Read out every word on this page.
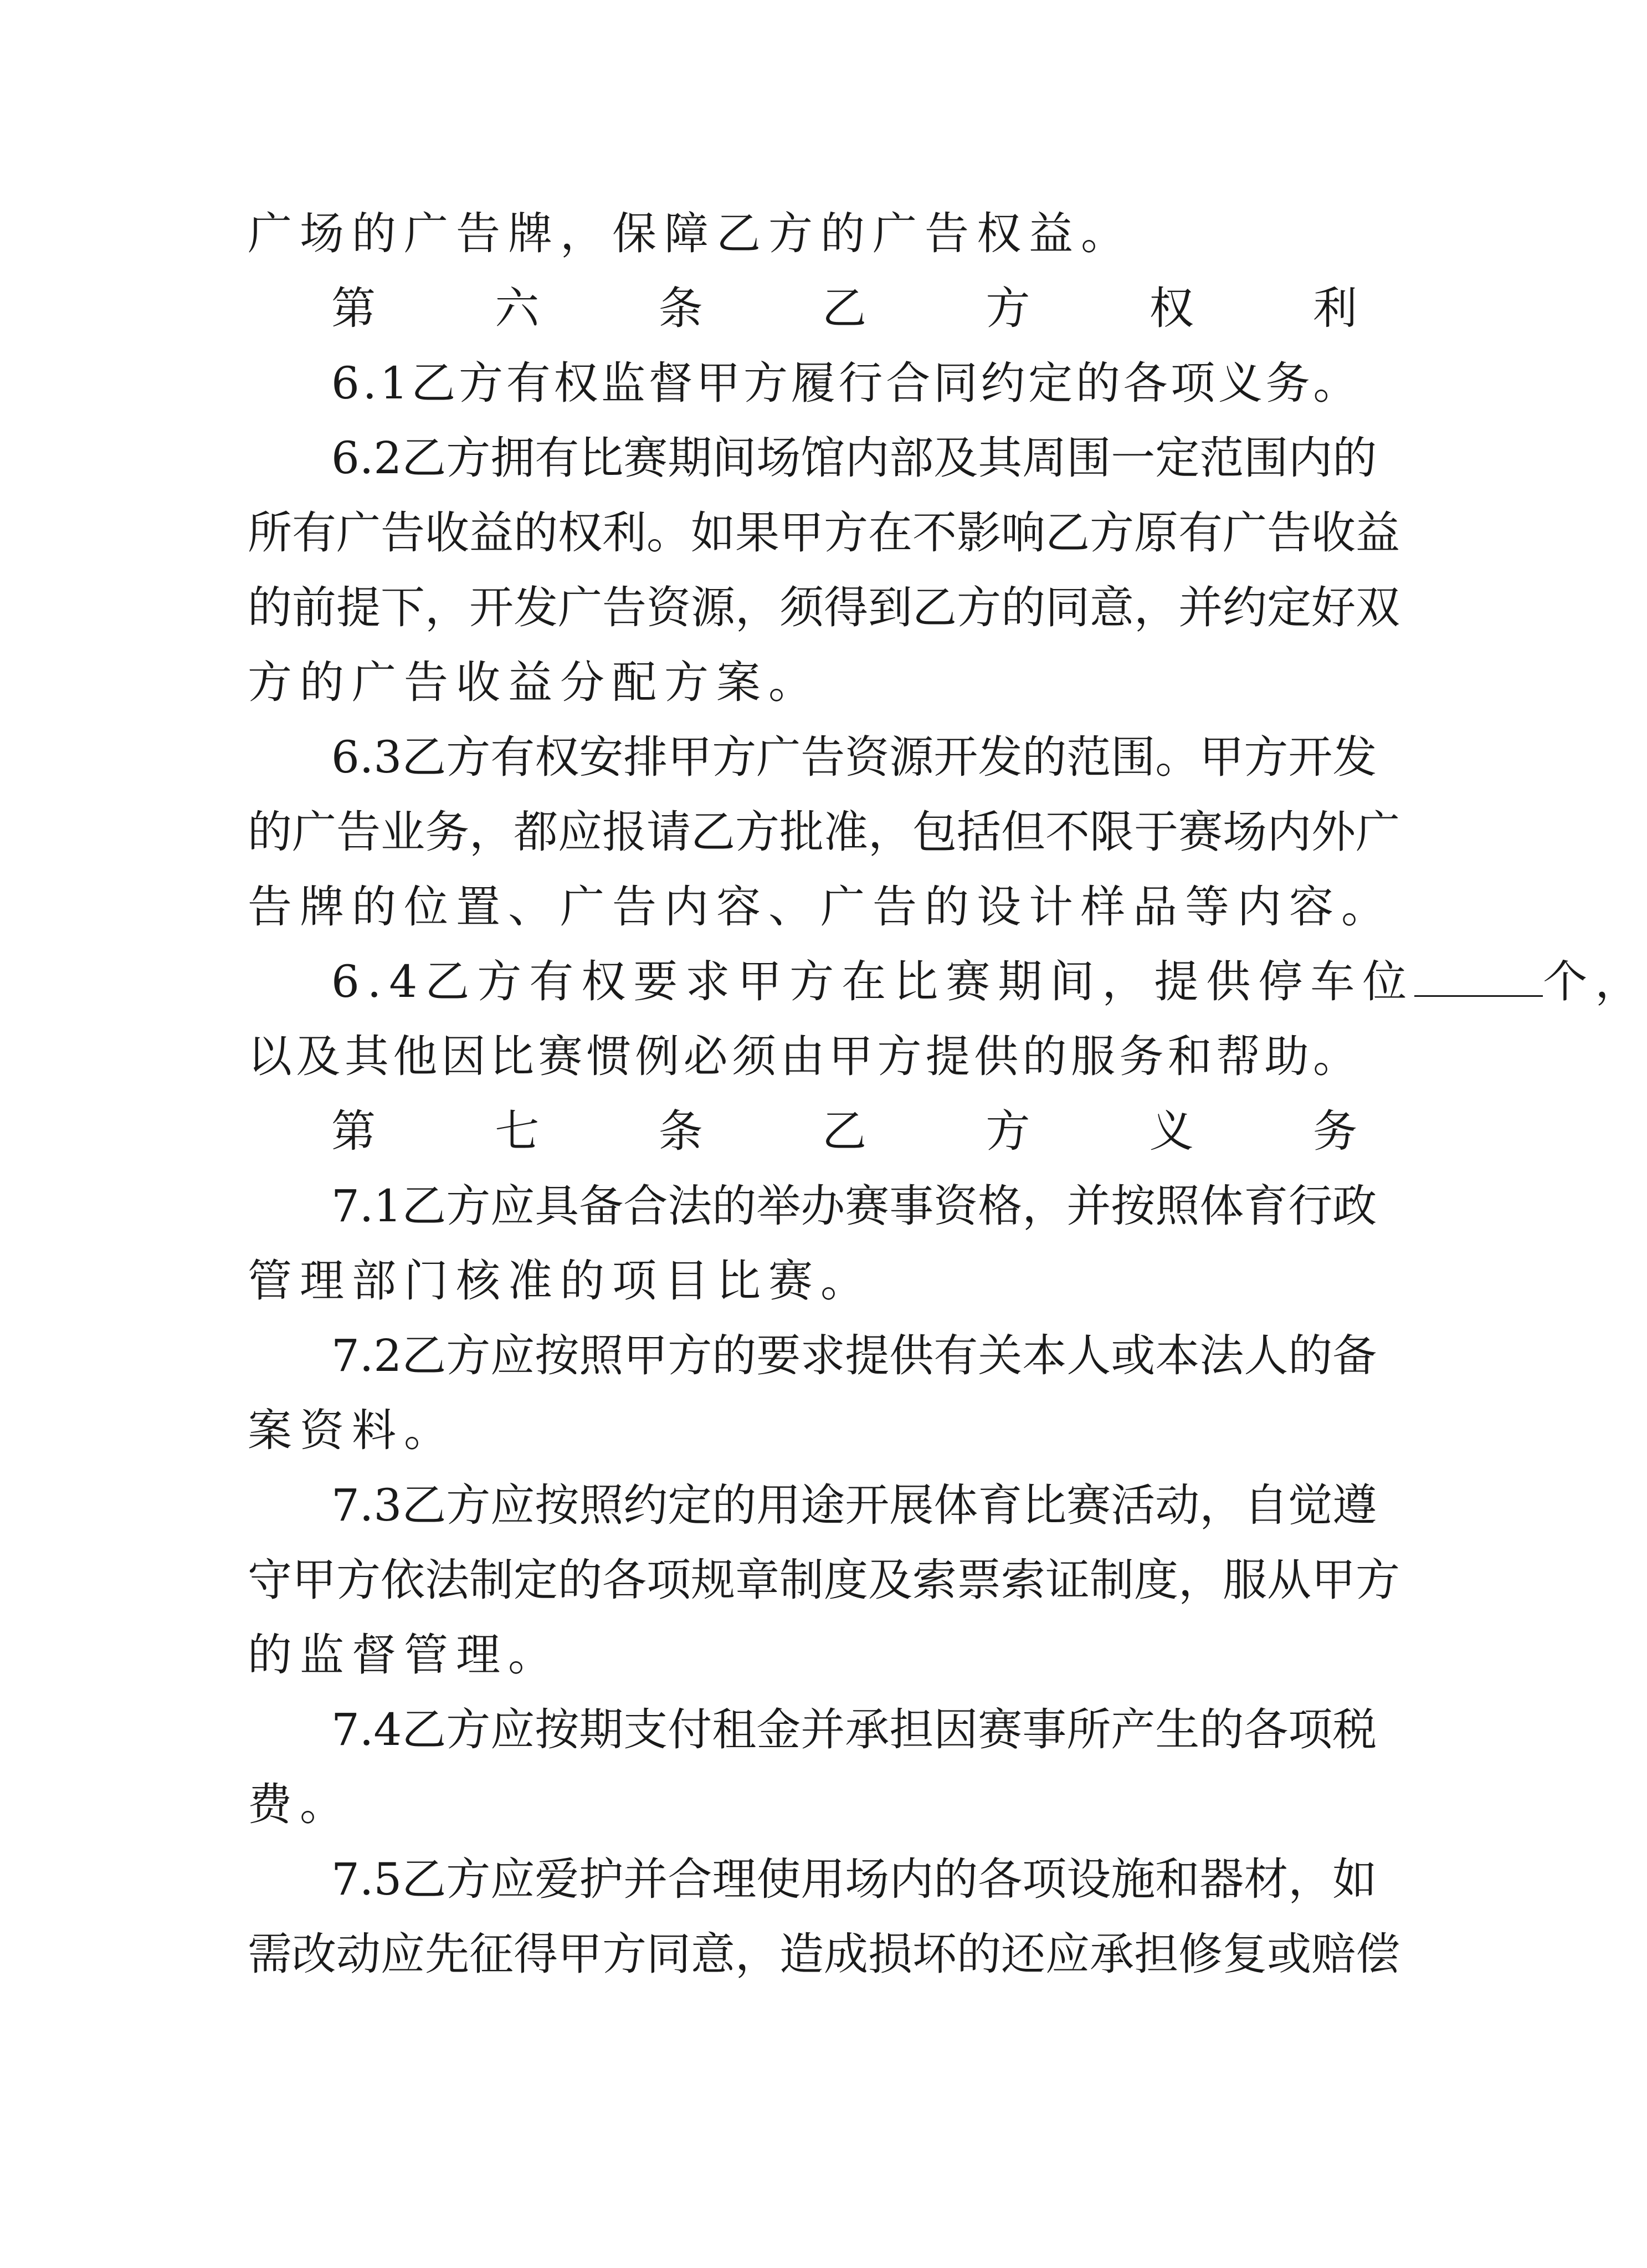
广场的广告牌，保障乙方的广告权益。
第六条乙方权利
6.1乙方有权监督甲方履行合同约定的各项义务。
6.2乙方拥有比赛期间场馆内部及其周围一定范围内的
所有广告收益的权利。如果甲方在不影响乙方原有广告收益
的前提下，开发广告资源，须得到乙方的同意，并约定好双
方的广告收益分配方案。
6.3乙方有权安排甲方广告资源开发的范围。甲方开发
的广告业务，都应报请乙方批准，包括但不限于赛场内外广
告牌的位置、广告内容、广告的设计样品等内容。
6.4乙方有权要求甲方在比赛期间，提供停车位	个，
以及其他因比赛惯例必须由甲方提供的服务和帮助。
第七条乙方义务
7.1乙方应具备合法的举办赛事资格，并按照体育行政
管理部门核准的项目比赛。
7.2乙方应按照甲方的要求提供有关本人或本法人的备
案资料。
7.3乙方应按照约定的用途开展体育比赛活动，自觉遵
守甲方依法制定的各项规章制度及索票索证制度，服从甲方
的监督管理。
7.4乙方应按期支付租金并承担因赛事所产生的各项税
费。
7.5乙方应爱护并合理使用场内的各项设施和器材，如
需改动应先征得甲方同意，造成损坏的还应承担修复或赔偿
